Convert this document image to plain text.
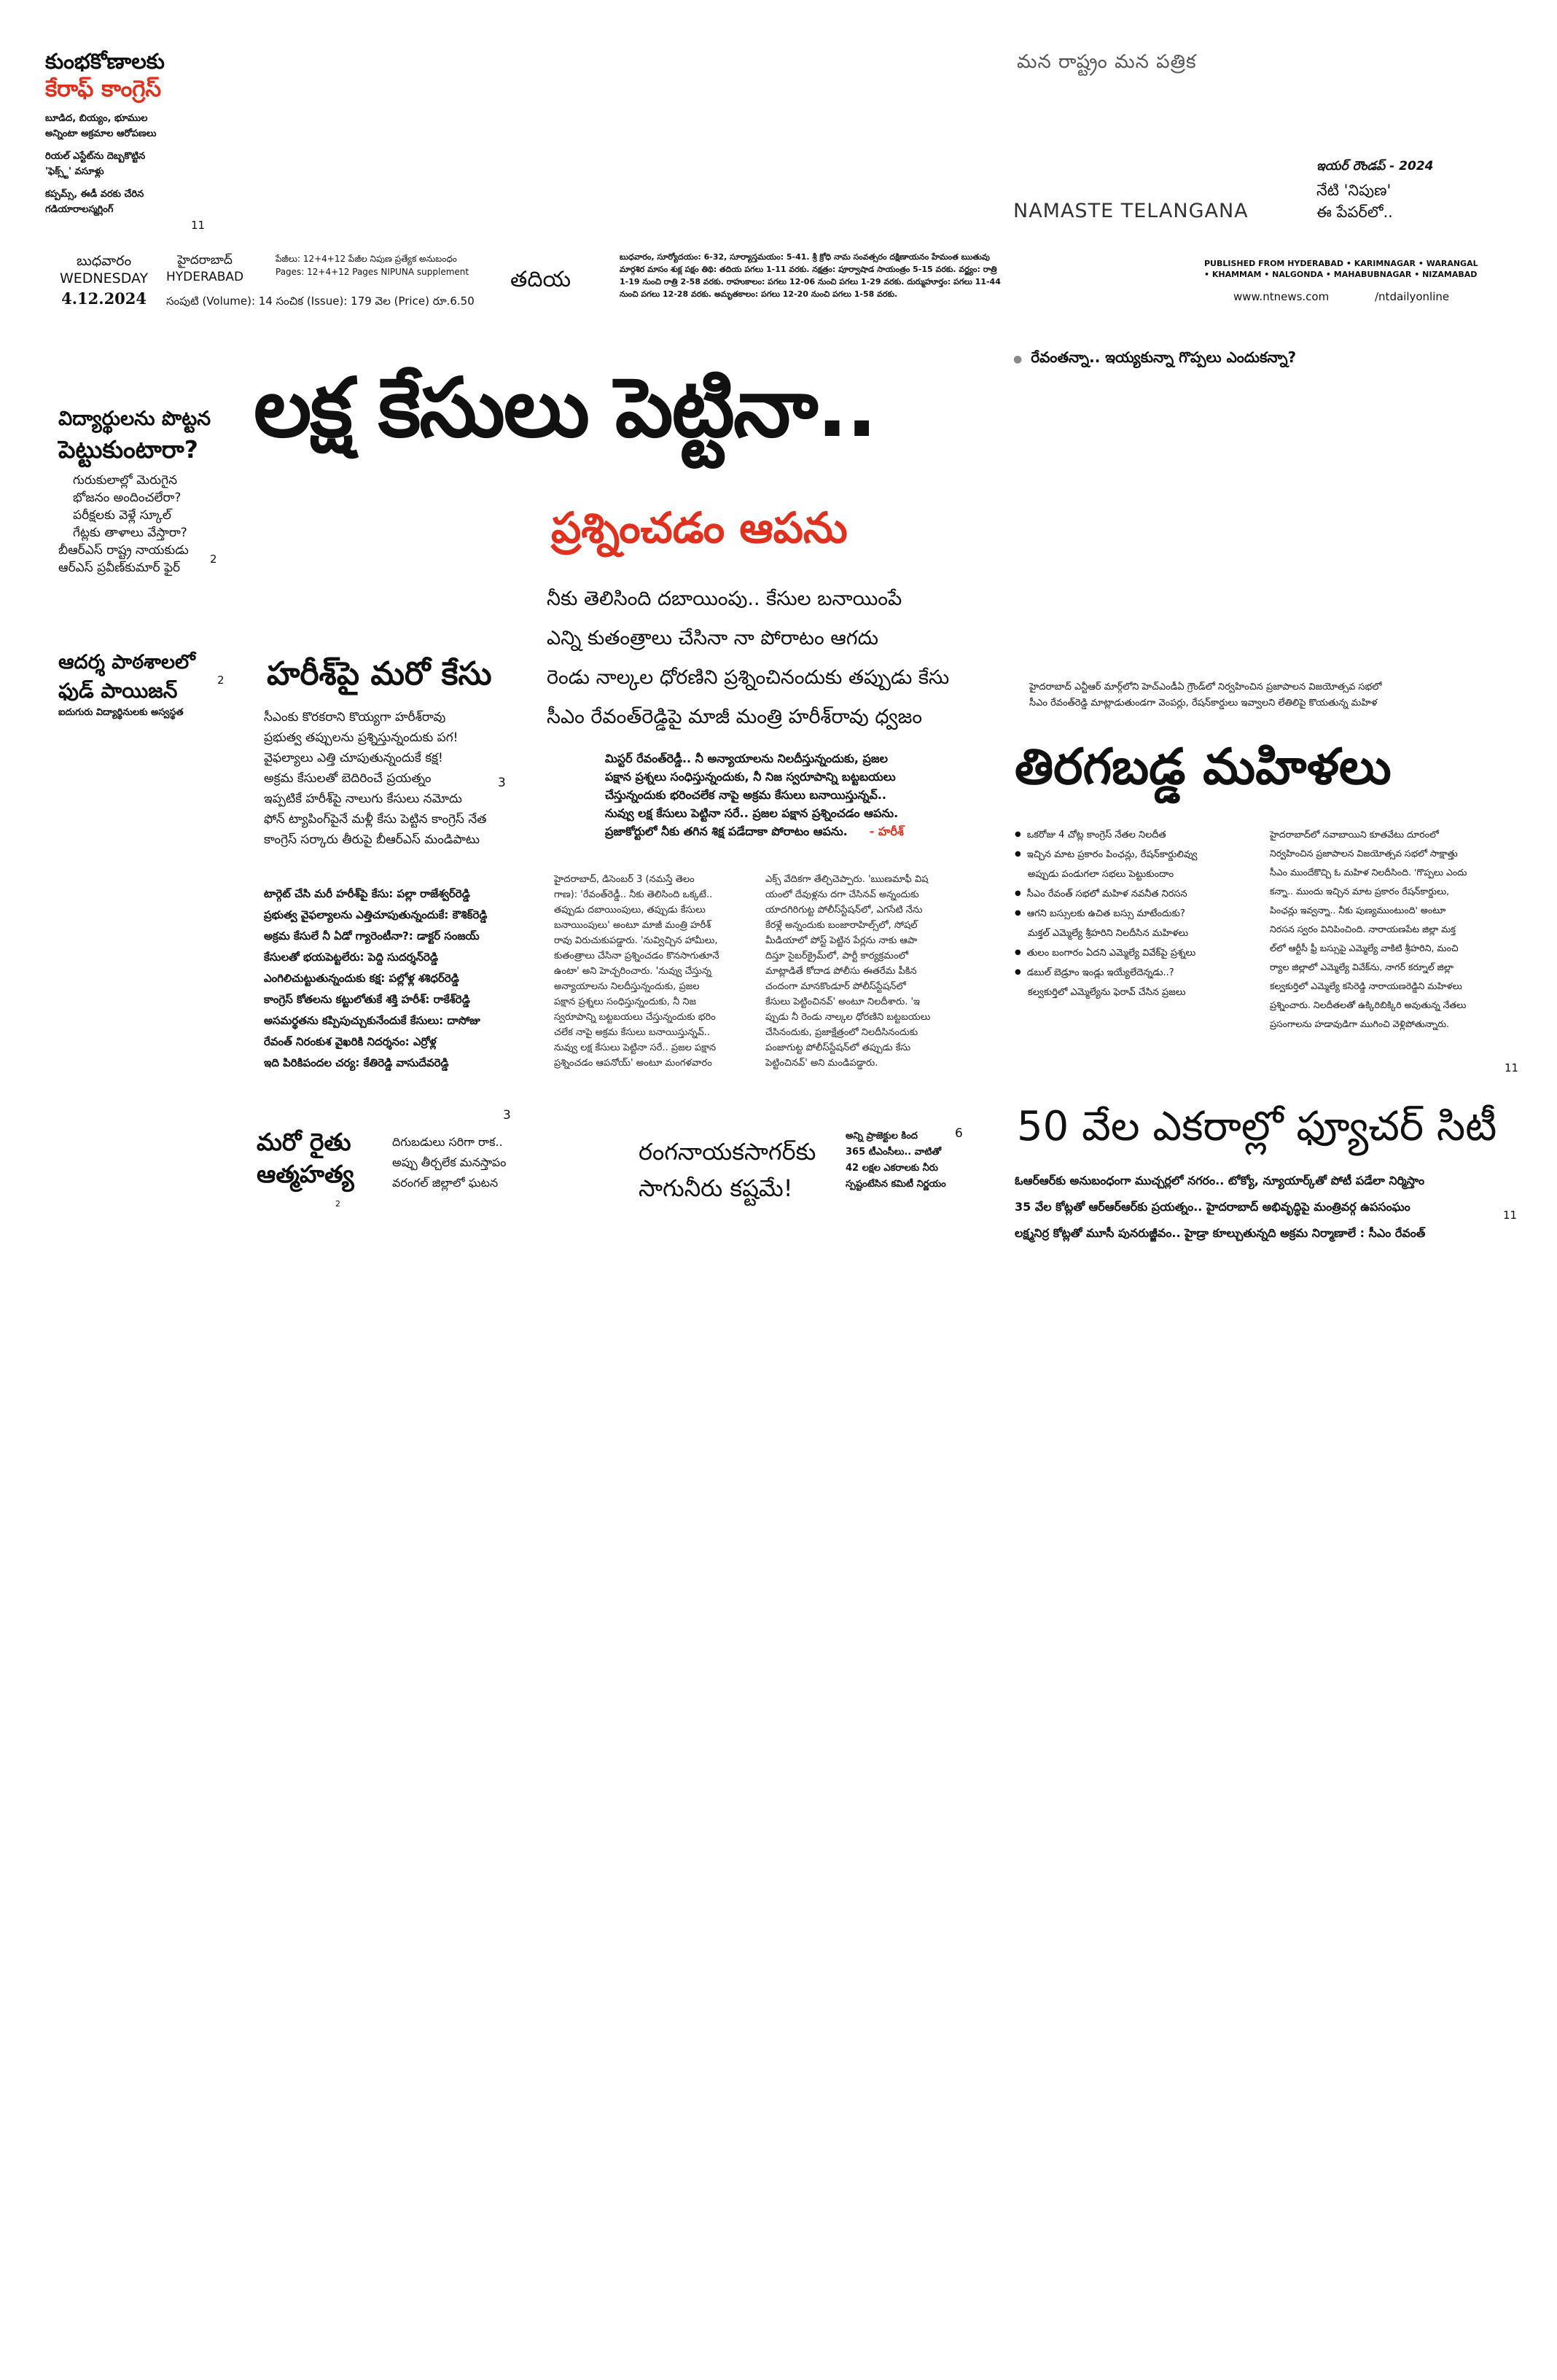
కుంభకోణాలకు
కేరాఫ్ కాంగ్రెస్
బూడిద, బియ్యం, భూముల
అన్నింటా అక్రమాల ఆరోపణలు
రియల్ ఎస్టేట్‌ను దెబ్బకొట్టిన
'ఫెక్స్ట్' వసూళ్లు
కప్పమ్స్, ఈడీ వరకు చేరిన
గడియారాలస్మగ్లింగ్
11
మన రాష్ట్రం మన పత్రిక
NAMASTE TELANGANA
ఇయర్ రౌండప్ - 2024
నేటి 'నిపుణ'
ఈ పేపర్‌లో..
బుధవారం
WEDNESDAY
4.12.2024
హైదరాబాద్
HYDERABAD
పేజీలు: 12+4+12 పేజీల నిపుణ ప్రత్యేక అనుబంధం
Pages: 12+4+12 Pages NIPUNA supplement
సంపుటి (Volume): 14 సంచిక (Issue): 179 వెల (Price) రూ.6.50
తదియ
బుధవారం, సూర్యోదయం: 6-32, సూర్యాస్తమయం: 5-41. శ్రీ క్రోధి నామ సంవత్సరం దక్షిణాయనం హేమంత ఋతువు
మార్గశిర మాసం శుక్ల పక్షం తిథి: తదియ పగలు 1-11 వరకు. నక్షత్రం: పూర్వాషాడ సాయంత్రం 5-15 వరకు. వర్జ్యం: రాత్రి
1-19 నుంచి రాత్రి 2-58 వరకు. రాహుకాలం: పగలు 12-06 నుంచి పగలు 1-29 వరకు. దుర్ముహూర్తం: పగలు 11-44
నుంచి పగలు 12-28 వరకు. అమృతకాలం: పగలు 12-20 నుంచి పగలు 1-58 వరకు.
PUBLISHED FROM HYDERABAD • KARIMNAGAR • WARANGAL
• KHAMMAM • NALGONDA • MAHABUBNAGAR • NIZAMABAD
www.ntnews.com	/ntdailyonline
విద్యార్థులను పొట్టన
పెట్టుకుంటారా?
గురుకులాల్లో మెరుగైన
భోజనం అందించలేరా?
పరీక్షలకు వెళ్లే స్కూల్
గేట్లకు తాళాలు వేస్తారా?
బీఆర్‌ఎస్ రాష్ట్ర నాయకుడు
ఆర్‌ఎస్ ప్రవీణ్‌కుమార్ ఫైర్
2
ఆదర్శ పాఠశాలలో
ఫుడ్ పాయిజన్
ఐదుగురు విద్యార్థినులకు అస్వస్థత
2
లక్ష కేసులు పెట్టినా..
ప్రశ్నించడం ఆపను
నీకు తెలిసింది దబాయింపు.. కేసుల బనాయింపే
ఎన్ని కుతంత్రాలు చేసినా నా పోరాటం ఆగదు
రెండు నాల్కల ధోరణిని ప్రశ్నించినందుకు తప్పుడు కేసు
సీఎం రేవంత్‌రెడ్డిపై మాజీ మంత్రి హరీశ్‌రావు ధ్వజం
మిస్టర్ రేవంత్‌రెడ్డీ.. నీ అన్యాయాలను నిలదీస్తున్నందుకు, ప్రజల
పక్షాన ప్రశ్నలు సంధిస్తున్నందుకు, నీ నిజ స్వరూపాన్ని బట్టబయలు
చేస్తున్నందుకు భరించలేక నాపై అక్రమ కేసులు బనాయిస్తున్నవ్..
నువ్వు లక్ష కేసులు పెట్టినా సరే.. ప్రజల పక్షాన ప్రశ్నించడం ఆపను.
ప్రజాకోర్టులో నీకు తగిన శిక్ష పడేదాకా పోరాటం ఆపను. - హరీశ్
హైదరాబాద్, డిసెంబర్ 3 (నమస్తే తెలం
గాణ): 'రేవంత్‌రెడ్డీ.. నీకు తెలిసింది ఒక్కటే..
తప్పుడు దబాయింపులు, తప్పుడు కేసులు
బనాయింపులు' అంటూ మాజీ మంత్రి హరీశ్
రావు విరుచుకుపడ్డారు. 'నువ్విచ్చిన హామీలు,
కుతంత్రాలు చేసినా ప్రశ్నించడం కొనసాగుతూనే
ఉంటా' అని హెచ్చరించారు. 'నువ్వు చేస్తున్న
అన్యాయాలను నిలదీస్తున్నందుకు, ప్రజల
పక్షాన ప్రశ్నలు సంధిస్తున్నందుకు, నీ నిజ
స్వరూపాన్ని బట్టబయలు చేస్తున్నందుకు భరిం
చలేక నాపై అక్రమ కేసులు బనాయిస్తున్నవ్..
నువ్వు లక్ష కేసులు పెట్టినా సరే.. ప్రజల పక్షాన
ప్రశ్నించడం ఆపనోయ్' అంటూ మంగళవారం
ఎక్స్ వేదికగా తేల్చిచెప్పారు. 'ఋణమాఫీ విష
యంలో దేవుళ్లను దగా చేసినవ్ అన్నందుకు
యాదగిరిగుట్ట పోలీస్‌స్టేషన్‌లో, ఎగసేటి నేను
కేరళ్లే అన్నందుకు బంజారాహిల్స్‌లో, సోషల్
మీడియాలో పోస్ట్ పెట్టిన పేర్లను నాకు ఆపా
దిస్తూ సైబర్‌క్రైమ్‌లో, పార్టీ కార్యక్రమంలో
మాట్లాడితే కోదాడ పోలీసు ఈతరేమ పీకిన
చందంగా మానకొండూర్ పోలీస్‌స్టేషన్‌లో
కేసులు పెట్టించినవ్' అంటూ నిలదీశారు. 'ఇ
ప్పుడు నీ రెండు నాల్కల ధోరణిని బట్టబయలు
చేసినందుకు, ప్రజాక్షేత్రంలో నిలదీసినందుకు
పంజాగుట్ట పోలీస్‌స్టేషన్‌లో తప్పుడు కేసు
పెట్టించినవ్' అని మండిపడ్డారు.
హరీశ్‌పై మరో కేసు
సీఎంకు కొరకరాని కొయ్యగా హరీశ్‌రావు
ప్రభుత్వ తప్పులను ప్రశ్నిస్తున్నందుకు పగ!
వైఫల్యాలు ఎత్తి చూపుతున్నందుకే కక్ష!
అక్రమ కేసులతో బెదిరించే ప్రయత్నం
ఇప్పటికే హరీశ్‌పై నాలుగు కేసులు నమోదు
ఫోన్ ట్యాపింగ్‌పైనే మళ్లీ కేసు పెట్టిన కాంగ్రెస్ నేత
కాంగ్రెస్ సర్కారు తీరుపై బీఆర్‌ఎస్ మండిపాటు
3
టార్గెట్ చేసి మరీ హరీశ్‌పై కేసు: పల్లా రాజేశ్వర్‌రెడ్డి
ప్రభుత్వ వైఫల్యాలను ఎత్తిచూపుతున్నందుకే: కౌశిక్‌రెడ్డి
అక్రమ కేసులే నీ ఏడో గ్యారెంటీనా?: డాక్టర్ సంజయ్
కేసులతో భయపెట్టలేరు: పెద్ది సుదర్శన్‌రెడ్డి
ఎంగిలిచుట్టుతున్నందుకు కక్ష: పల్లోళ్ల శశిధర్‌రెడ్డి
కాంగ్రెస్ కోతలను కట్టులోతుకే శక్తి హరీశ్: రాకేశ్‌రెడ్డి
అసమర్థతను కప్పిపుచ్చుకునేందుకే కేసులు: దాసోజు
రేవంత్ నిరంకుశ వైఖరికి నిదర్శనం: ఎర్రోళ్ల
ఇది పిరికిపందల చర్య: కేతిరెడ్డి వాసుదేవరెడ్డి
3
మరో రైతు
ఆత్మహత్య
2
దిగుబడులు సరిగా రాక..
అప్పు తీర్చలేక మనస్తాపం
వరంగల్ జిల్లాలో ఘటన
రంగనాయకసాగర్‌కు
సాగునీరు కష్టమే!
అన్ని ప్రాజెక్టుల కింద
365 టీఎంసీలు.. వాటితో
42 లక్షల ఎకరాలకు నీరు
స్పష్టంటేసిన కమిటీ నిర్ణయం
6
● రేవంతన్నా.. ఇయ్యకున్నా గొప్పలు ఎందుకన్నా?
హైదరాబాద్ ఎన్టీఆర్ మార్గ్‌లోని హెచ్ఎండీఏ గ్రౌండ్‌లో నిర్వహించిన ప్రజాపాలన విజయోత్సవ సభలో
సీఎం రేవంత్‌రెడ్డి మాట్లాడుతుండగా వెంపర్లు, రేషన్‌కార్డులు ఇవ్వాలని లేతిలిపై కొయతున్న మహిళ
తిరగబడ్డ మహిళలు
● ఒకరోజు 4 చోట్ల కాంగ్రెస్ నేతల నిలదీత
● ఇచ్చిన మాట ప్రకారం పింఛన్లు, రేషన్‌కార్డులివ్వు
అప్పుడు పండుగలా సభలు పెట్టుకుందాం
● సీఎం రేవంత్ సభలో మహిళ నవనీత నిరసన
● ఆగని బస్సులకు ఉచిత బస్సు మాటేందుకు?
మక్తల్ ఎమ్మెల్యే శ్రీహరిని నిలదీసిన మహిళలు
● తులం బంగారం ఏదని ఎమ్మెల్యే వివేక్‌పై ప్రశ్నలు
● డబుల్ బెడ్రూం ఇండ్లు ఇయ్యేలేదెన్నడు..?
కల్వకుర్తిలో ఎమ్మెల్యేను ఫెరావ్ చేసిన ప్రజలు
హైదరాబాద్‌లో నవాబాయిని కూతవేటు దూరంలో
నిర్వహించిన ప్రజాపాలన విజయోత్సవ సభలో సాక్షాత్తు
సీఎం ముందేకొచ్చి ఓ మహిళ నిలదీసింది. 'గొప్పలు ఎందు
కన్నా.. ముందు ఇచ్చిన మాట ప్రకారం రేషన్‌కార్డులు,
పింఛన్లు ఇవ్వన్నా.. నీకు పుణ్యముంటుంది' అంటూ
నిరసన స్వరం వినిపించింది. నారాయణపేట జిల్లా మక్త
ల్‌లో ఆర్టీసీ ఫ్రీ బస్సుపై ఎమ్మెల్యే వాకిటి శ్రీహరిని, మంచి
ర్యాల జిల్లాలో ఎమ్మెల్యే వివేక్‌ను, నాగర్ కర్నూల్ జిల్లా
కల్వకుర్తిలో ఎమ్మెల్యే కసిరెడ్డి నారాయణరెడ్డిని మహిళలు
ప్రశ్నించారు. నిలదీతలతో ఉక్కిరిబిక్కిరి అవుతున్న నేతలు
ప్రసంగాలను హడావుడిగా ముగించి వెళ్లిపోతున్నారు.
11
50 వేల ఎకరాల్లో ఫ్యూచర్ సిటీ
ఓఆర్‌ఆర్‌కు అనుబంధంగా ముచ్చర్లలో నగరం.. టోక్యో, న్యూయార్క్‌తో పోటీ పడేలా నిర్మిస్తాం
35 వేల కోట్లతో ఆర్‌ఆర్‌ఆర్‌కు ప్రయత్నం.. హైదరాబాద్ అభివృద్ధిపై మంత్రివర్గ ఉపసంఘం
లక్ష్మనిర్ర కోట్లతో మూసీ పునరుజ్జీవం.. హైడ్రా కూల్చుతున్నది అక్రమ నిర్మాణాలే : సీఎం రేవంత్
11
